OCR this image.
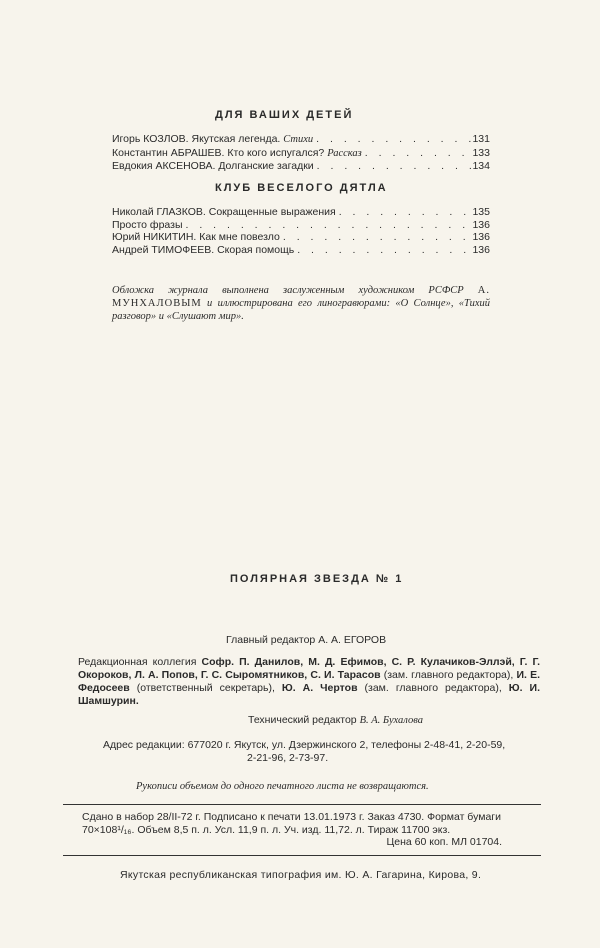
ДЛЯ ВАШИХ ДЕТЕЙ
Игорь КОЗЛОВ. Якутская легенда. Стихи . . .	131
Константин АБРАШЕВ. Кто кого испугался? Рассказ . . .	133
Евдокия АКСЕНОВА. Долганские загадки . . .	134
КЛУБ ВЕСЕЛОГО ДЯТЛА
Николай ГЛАЗКОВ. Сокращенные выражения . . .	135
Просто фразы . . .	136
Юрий НИКИТИН. Как мне повезло . . .	136
Андрей ТИМОФЕЕВ. Скорая помощь . . .	136

Обложка журнала выполнена заслуженным художником РСФСР А. МУНХАЛОВЫМ и иллюстрирована его линогравюрами: «О Солнце», «Тихий разговор» и «Слушают мир».

ПОЛЯРНАЯ ЗВЕЗДА № 1
Главный редактор А. А. ЕГОРОВ

Редакционная коллегия Софр. П. Данилов, М. Д. Ефимов, С. Р. Кулачиков-Эллэй, Г. Г. Окороков, Л. А. Попов, Г. С. Сыромятников, С. И. Тарасов (зам. главного редактора), И. Е. Федосеев (ответственный секретарь), Ю. А. Чертов (зам. главного редактора), Ю. И. Шамшурин.

Технический редактор В. А. Бухалова
Адрес редакции: 677020 г. Якутск, ул. Дзержинского 2, телефоны 2-48-41, 2-20-59,
2-21-96, 2-73-97.
Рукописи объемом до одного печатного листа не возвращаются.
Сдано в набор 28/II-72 г. Подписано к печати 13.01.1973 г. Заказ 4730. Формат бумаги
70×108¹/₁₆. Объем 8,5 п. л. Усл. 11,9 п. л. Уч. изд. 11,72. л. Тираж 11700 экз.
Цена 60 коп. МЛ 01704.
Якутская республиканская типография им. Ю. А. Гагарина, Кирова, 9.
